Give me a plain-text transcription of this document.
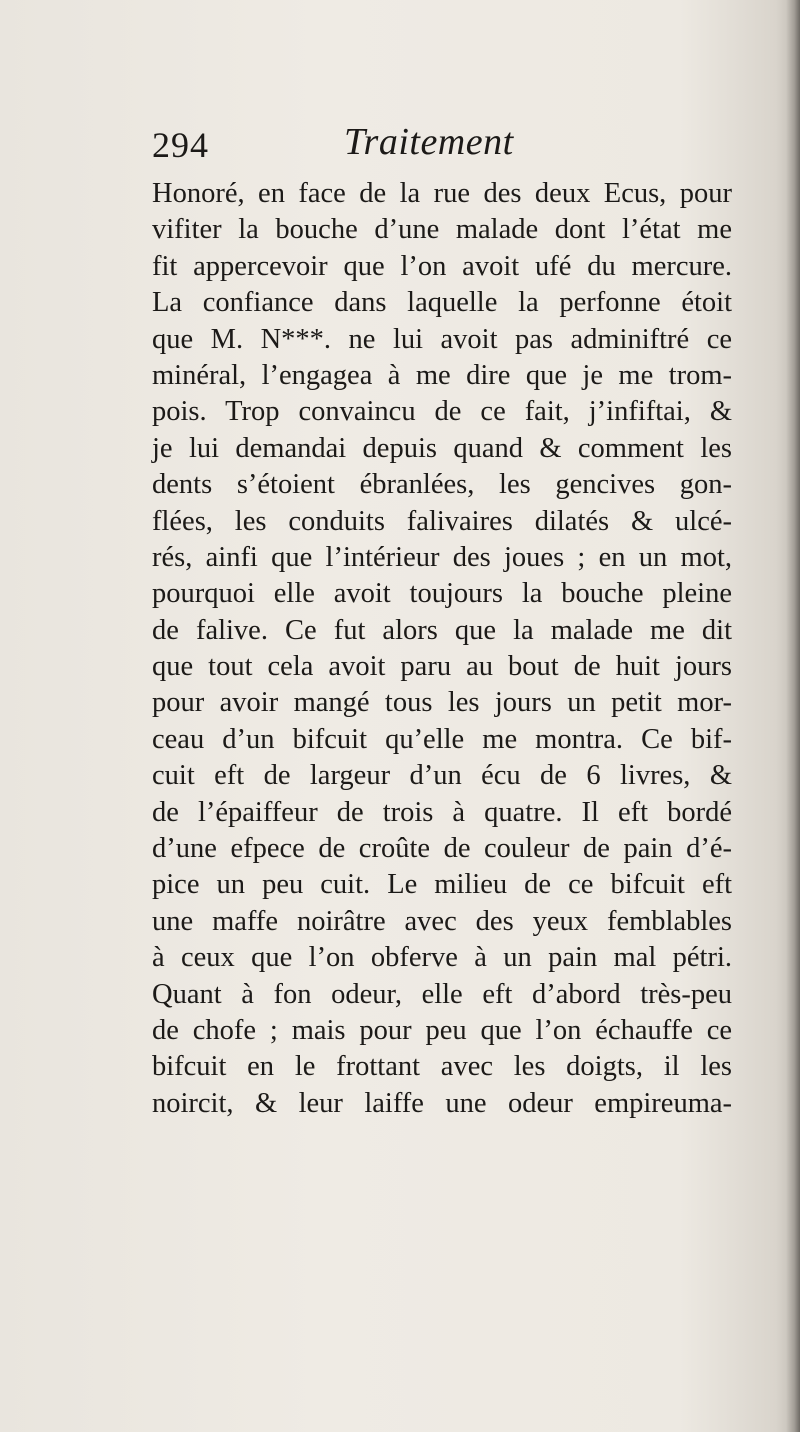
294	Traitement
Honoré, en face de la rue des deux Ecus, pour
vifiter la bouche d’une malade dont l’état me
fit appercevoir que l’on avoit ufé du mercure.
La confiance dans laquelle la perfonne étoit
que M. N***. ne lui avoit pas adminiftré ce
minéral, l’engagea à me dire que je me trom-
pois. Trop convaincu de ce fait, j’infiftai, &
je lui demandai depuis quand & comment les
dents s’étoient ébranlées, les gencives gon-
flées, les conduits falivaires dilatés & ulcé-
rés, ainfi que l’intérieur des joues ; en un mot,
pourquoi elle avoit toujours la bouche pleine
de falive. Ce fut alors que la malade me dit
que tout cela avoit paru au bout de huit jours
pour avoir mangé tous les jours un petit mor-
ceau d’un bifcuit qu’elle me montra. Ce bif-
cuit eft de largeur d’un écu de 6 livres, &
de l’épaiffeur de trois à quatre. Il eft bordé
d’une efpece de croûte de couleur de pain d’é-
pice un peu cuit. Le milieu de ce bifcuit eft
une maffe noirâtre avec des yeux femblables
à ceux que l’on obferve à un pain mal pétri.
Quant à fon odeur, elle eft d’abord très-peu
de chofe ; mais pour peu que l’on échauffe ce
bifcuit en le frottant avec les doigts, il les
noircit, & leur laiffe une odeur empireuma-
